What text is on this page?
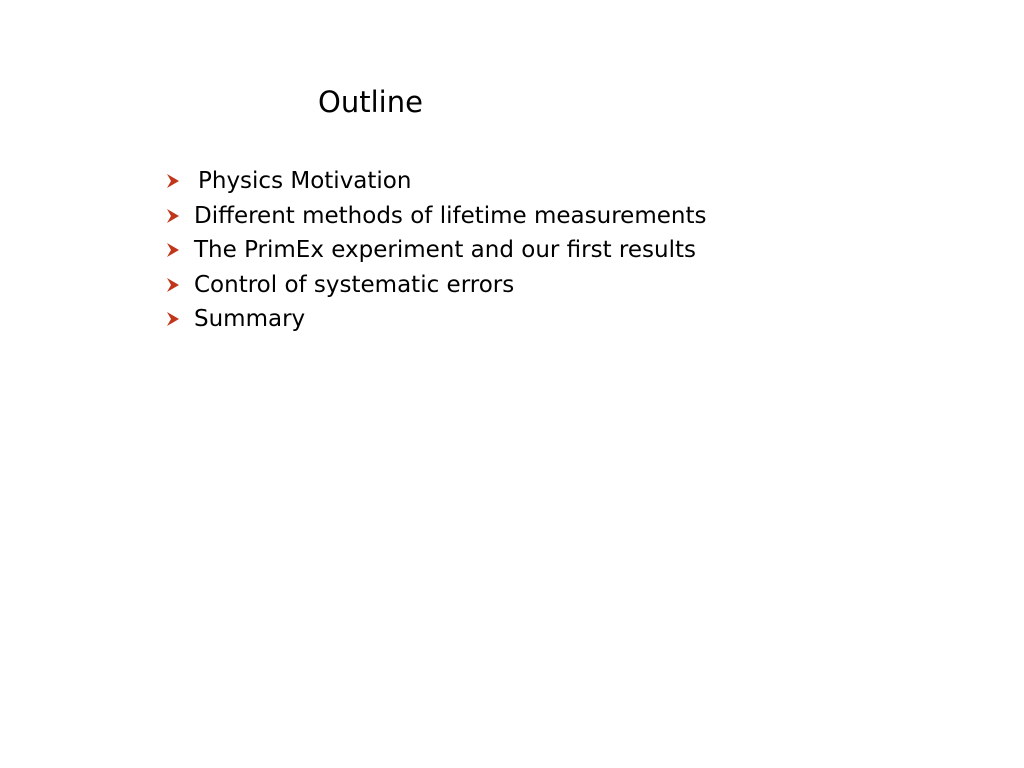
Outline
Physics Motivation
Different methods of lifetime measurements
The PrimEx experiment and our first results
Control of systematic errors
Summary
